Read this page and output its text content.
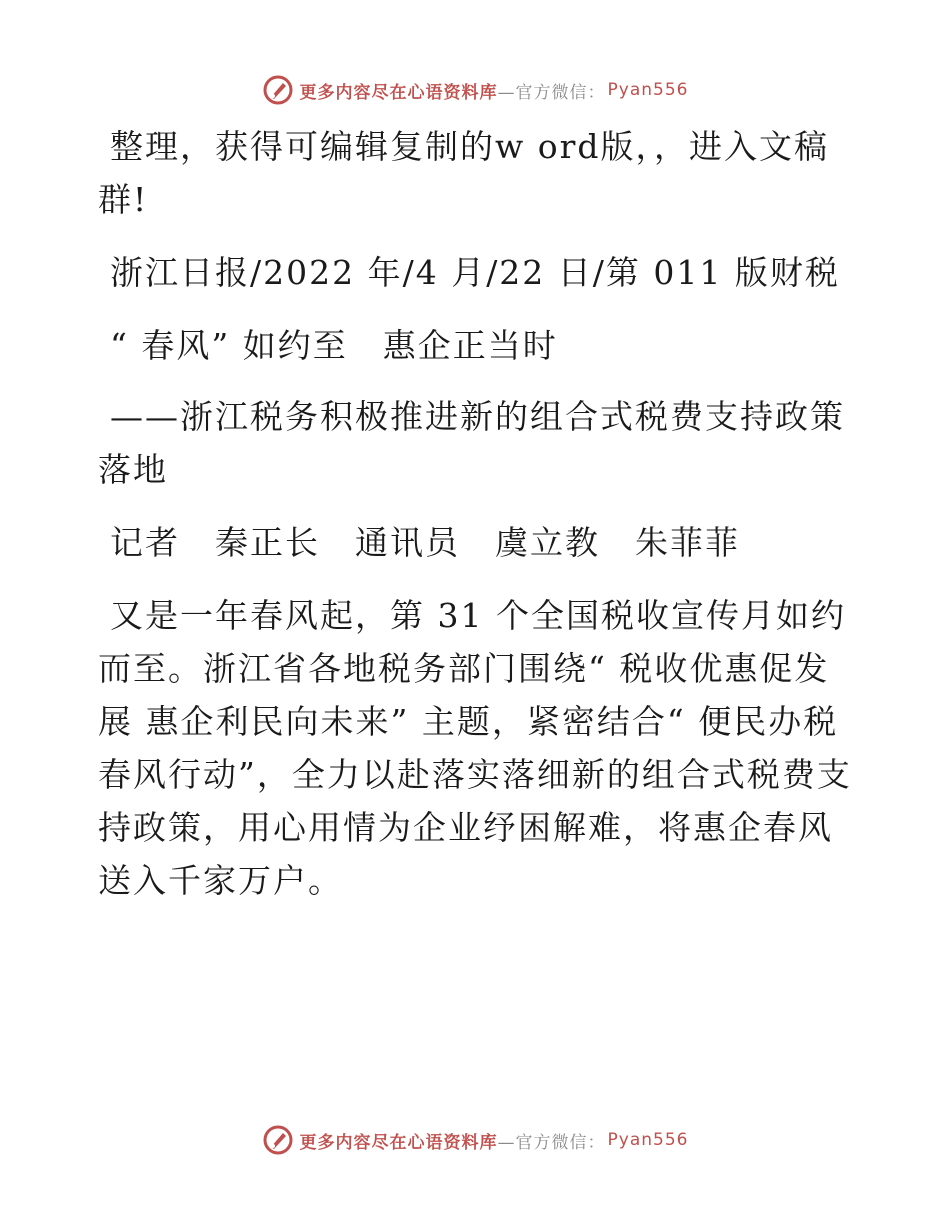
更多内容尽在心语资料库 —官方微信： Pyan556

整理，获得可编辑复制的w ord版，，进入文稿群!

浙江日报/2022 年/4 月/22 日/第 011 版财税

“ 春风” 如约至　惠企正当时

——浙江税务积极推进新的组合式税费支持政策落地

记者　秦正长　通讯员　虞立教　朱菲菲

又是一年春风起，第 31 个全国税收宣传月如约而至。浙江省各地税务部门围绕“ 税收优惠促发展 惠企利民向未来” 主题，紧密结合“ 便民办税春风行动”，全力以赴落实落细新的组合式税费支持政策，用心用情为企业纾困解难，将惠企春风送入千家万户。

更多内容尽在心语资料库 —官方微信： Pyan556
